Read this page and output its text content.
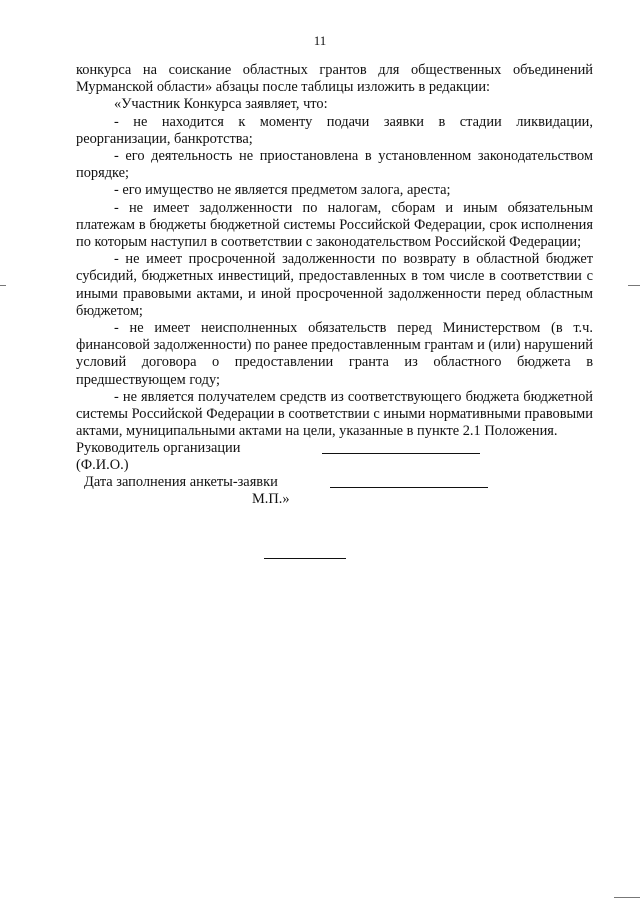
11

конкурса на соискание областных грантов для общественных объединений Мурманской области» абзацы после таблицы изложить в редакции:

«Участник Конкурса заявляет, что:

- не находится к моменту подачи заявки в стадии ликвидации, реорганизации, банкротства;

- его деятельность не приостановлена в установленном законодательством порядке;

- его имущество не является предметом залога, ареста;

- не имеет задолженности по налогам, сборам и иным обязательным платежам в бюджеты бюджетной системы Российской Федерации, срок исполнения по которым наступил в соответствии с законодательством Российской Федерации;

- не имеет просроченной задолженности по возврату в областной бюджет субсидий, бюджетных инвестиций, предоставленных в том числе в соответствии с иными правовыми актами, и иной просроченной задолженности перед областным бюджетом;

- не имеет неисполненных обязательств перед Министерством (в т.ч. финансовой задолженности) по ранее предоставленным грантам и (или) нарушений условий договора о предоставлении гранта из областного бюджета в предшествующем году;

- не является получателем средств из соответствующего бюджета бюджетной системы Российской Федерации в соответствии с иными нормативными правовыми актами, муниципальными актами на цели, указанные в пункте 2.1 Положения.

Руководитель организации
(Ф.И.О.)
Дата заполнения анкеты-заявки
М.П.»
